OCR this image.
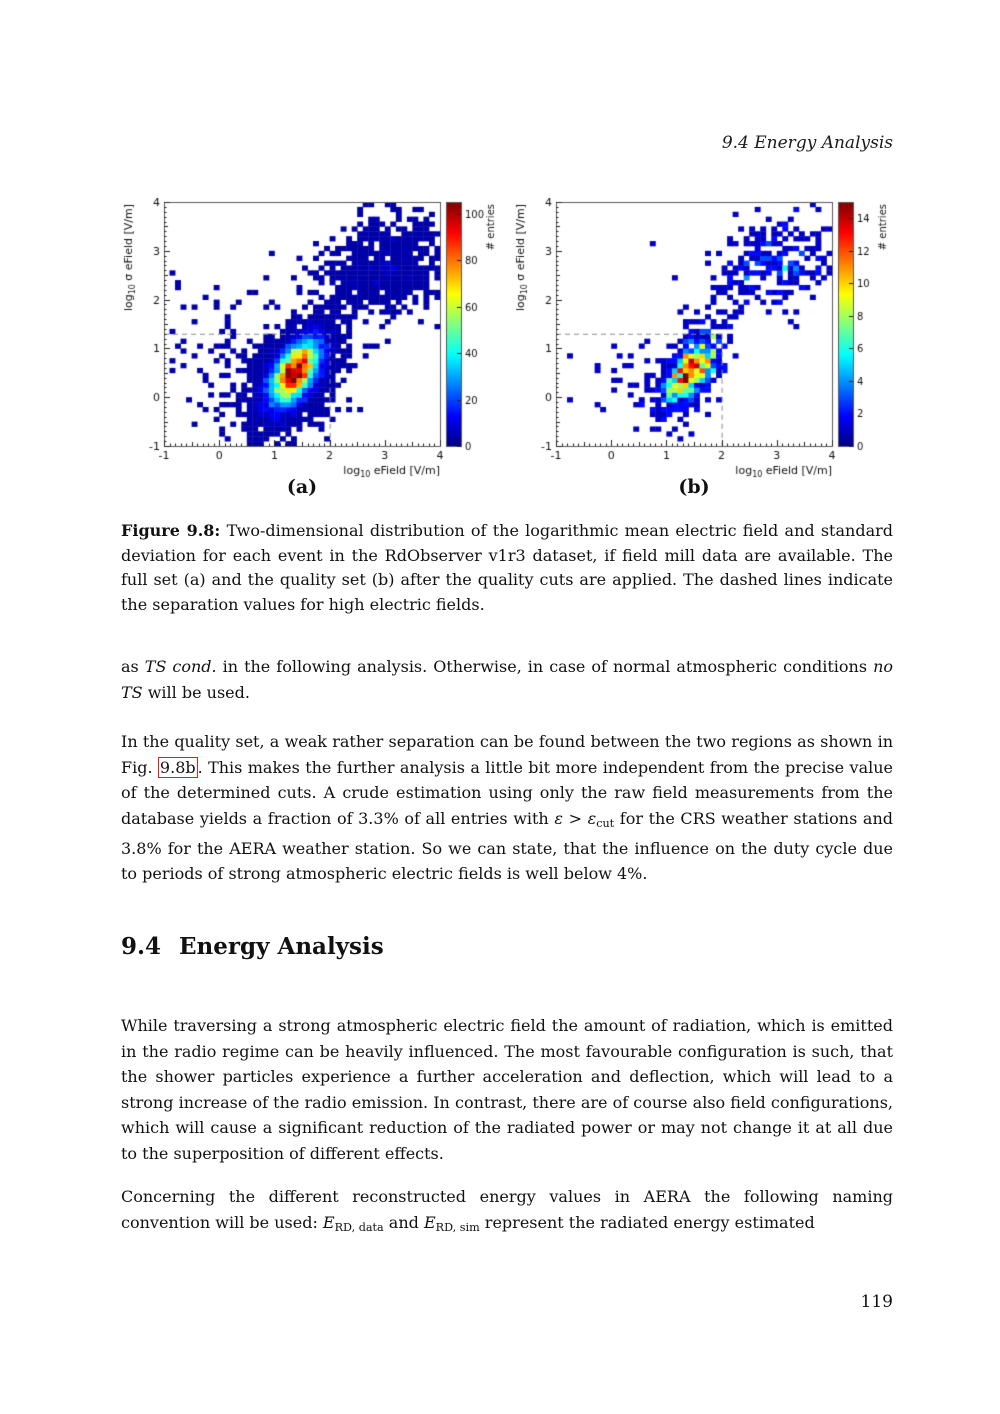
9.4 Energy Analysis
(a)	(b)
Figure 9.8: Two-dimensional distribution of the logarithmic mean electric field and standard deviation for each event in the RdObserver v1r3 dataset, if field mill data are available. The full set (a) and the quality set (b) after the quality cuts are applied. The dashed lines indicate the separation values for high electric fields.

as TS cond. in the following analysis. Otherwise, in case of normal atmospheric conditions no TS will be used.

In the quality set, a weak rather separation can be found between the two regions as shown in Fig. 9.8b . This makes the further analysis a little bit more independent from the precise value of the determined cuts. A crude estimation using only the raw field measurements from the database yields a fraction of 3.3% of all entries with ε > εcut for the CRS weather stations and 3.8% for the AERA weather station. So we can state, that the influence on the duty cycle due to periods of strong atmospheric electric fields is well below 4%.

9.4 Energy Analysis

While traversing a strong atmospheric electric field the amount of radiation, which is emitted in the radio regime can be heavily influenced. The most favourable configuration is such, that the shower particles experience a further acceleration and deflection, which will lead to a strong increase of the radio emission. In contrast, there are of course also field configurations, which will cause a significant reduction of the radiated power or may not change it at all due to the superposition of different effects.

Concerning the different reconstructed energy values in AERA the following naming convention will be used: ERD, data and ERD, sim represent the radiated energy estimated

119
